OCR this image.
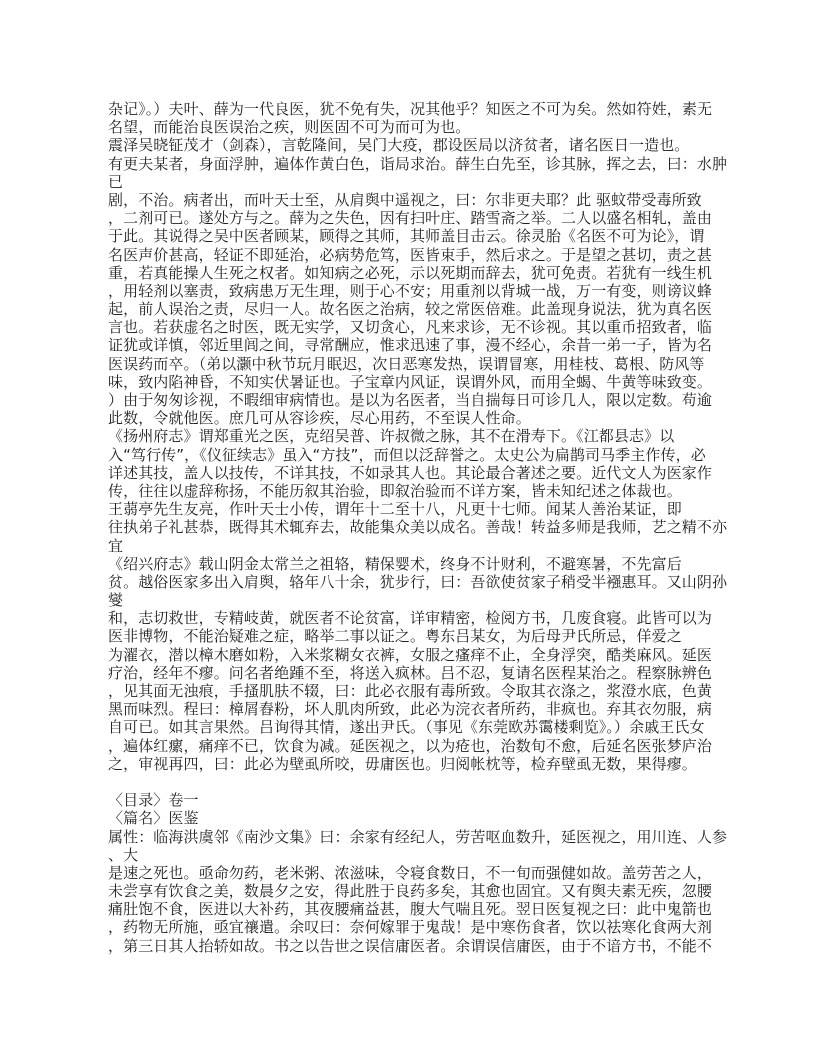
杂记》。）夫叶、薛为一代良医，犹不免有失，况其他乎？知医之不可为矣。然如符姓，素无
名望，而能治良医误治之疾，则医固不可为而可为也。
震泽吴晓钲茂才（剑森），言乾隆间，吴门大疫，郡设医局以济贫者，诸名医日一造也。
有更夫某者，身面浮肿，遍体作黄白色，诣局求治。薛生白先至，诊其脉，挥之去，曰：水肿
已
剧，不治。病者出，而叶天士至，从肩舆中遥视之，曰：尔非更夫耶？此 驱蚊带受毒所致
，二剂可已。遂处方与之。薛为之失色，因有扫叶庄、踏雪斋之举。二人以盛名相轧，盖由
于此。其说得之吴中医者顾某，顾得之其师，其师盖目击云。徐灵胎《名医不可为论》，谓
名医声价甚高，轻证不即延治，必病势危笃，医皆束手，然后求之。于是望之甚切，责之甚
重，若真能操人生死之权者。如知病之必死，示以死期而辞去，犹可免责。若犹有一线生机
，用轻剂以塞责，致病患万无生理，则于心不安；用重剂以背城一战，万一有变，则谤议蜂
起，前人误治之责，尽归一人。故名医之治病，较之常医倍难。此盖现身说法，犹为真名医
言也。若获虚名之时医，既无实学，又切贪心，凡来求诊，无不诊视。其以重币招致者，临
证犹或详慎，邻近里闾之间，寻常酬应，惟求迅速了事，漫不经心，余昔一弟一子，皆为名
医误药而卒。（弟以灏中秋节玩月眠迟，次日恶寒发热，误谓冒寒，用桂枝、葛根、防风等
味，致内陷神昏，不知实伏暑证也。子宝章内风证，误谓外风，而用全蝎、牛黄等味致变。
）由于匆匆诊视，不暇细审病情也。是以为名医者，当自揣每日可诊几人，限以定数。苟逾
此数，令就他医。庶几可从容诊疾，尽心用药，不至误人性命。
《扬州府志》谓郑重光之医，克绍吴普、许叔微之脉，其不在滑寿下。《江都县志》以
入“笃行传”，《仪征续志》虽入“方技”，而但以泛辞誉之。太史公为扁鹊司马季主作传，必
详述其技，盖人以技传，不详其技，不如录其人也。其论最合著述之要。近代文人为医家作
传，往往以虚辞称扬，不能历叙其治验，即叙治验而不详方案，皆未知纪述之体裁也。
王蒻亭先生友亮，作叶天士小传，谓年十二至十八，凡更十七师。闻某人善治某证，即
往执弟子礼甚恭，既得其术辄弃去，故能集众美以成名。善哉！转益多师是我师，艺之精不亦
宜
《绍兴府志》载山阴金太常兰之祖辂，精保婴术，终身不计财利，不避寒暑，不先富后
贫。越俗医家多出入肩舆，辂年八十余，犹步行，曰：吾欲使贫家子稍受半襁惠耳。又山阴孙
燮
和，志切救世，专精岐黄，就医者不论贫富，详审精密，检阅方书，几废食寝。此皆可以为
医非博物，不能治疑难之症，略举二事以证之。粤东吕某女，为后母尹氏所忌，佯爱之
为濯衣，潜以樟木磨如粉，入米浆糊女衣裤，女服之瘙痒不止，全身浮突，酷类麻风。延医
疗治，经年不瘳。问名者绝踵不至，将送入疯林。吕不忍，复请名医程某治之。程察脉辨色
，见其面无浊痕，手搔肌肤不辍，曰：此必衣服有毒所致。令取其衣涤之，浆澄水底，色黄
黑而味烈。程曰：樟屑舂粉，坏人肌肉所致，此必为浣衣者所药，非疯也。弃其衣勿服，病
自可已。如其言果然。吕询得其情，遂出尹氏。（事见《东莞欧苏霭楼剩览》。）余戚王氏女
，遍体红瘰，痛痒不已，饮食为减。延医视之，以为疮也，治数旬不愈，后延名医张梦庐治
之，审视再四，曰：此必为壁虱所咬，毋庸医也。归阅帐枕等，检弃壁虱无数，果得瘳。
〈目录〉卷一
〈篇名〉医鉴
属性：临海洪虞邻《南沙文集》曰：余家有经纪人，劳苦呕血数升，延医视之，用川连、人参
、大
是速之死也。亟命勿药，老米粥、浓滋味，令寝食数日，不一旬而强健如故。盖劳苦之人，
未尝享有饮食之美，数晨夕之安，得此胜于良药多矣，其愈也固宜。又有舆夫素无疾，忽腰
痛肚饱不食，医进以大补药，其夜腰痛益甚，腹大气喘且死。翌日医复视之曰：此中鬼箭也
，药物无所施，亟宜禳遣。余叹曰：奈何嫁罪于鬼哉！是中寒伤食者，饮以祛寒化食两大剂
，第三日其人抬轿如故。书之以告世之误信庸医者。余谓误信庸医，由于不谙方书，不能不
